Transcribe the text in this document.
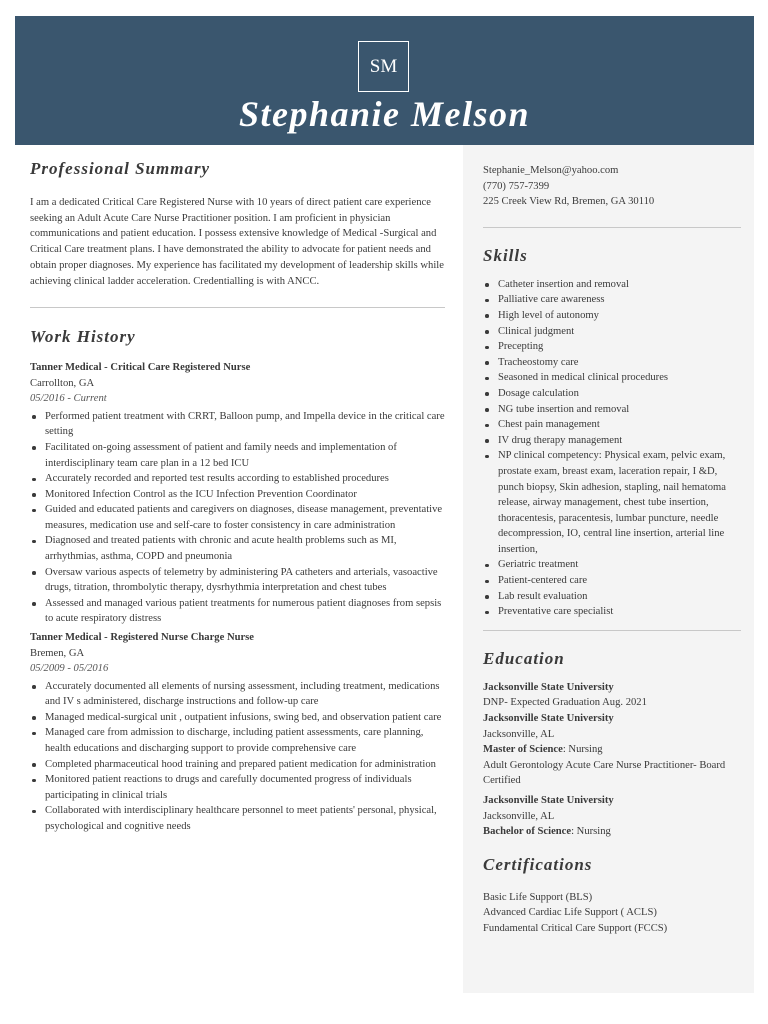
SM
Stephanie Melson
Professional Summary
I am a dedicated Critical Care Registered Nurse with 10 years of direct patient care experience seeking an Adult Acute Care Nurse Practitioner position. I am proficient in physician communications and patient education. I possess extensive knowledge of Medical -Surgical and Critical Care treatment plans. I have demonstrated the ability to advocate for patient needs and obtain proper diagnoses. My experience has facilitated my development of leadership skills while achieving clinical ladder acceleration. Credentialling is with ANCC.
Work History
Tanner Medical - Critical Care Registered Nurse
Carrollton, GA
05/2016 - Current
Performed patient treatment with CRRT, Balloon pump, and Impella device in the critical care setting
Facilitated on-going assessment of patient and family needs and implementation of interdisciplinary team care plan in a 12 bed ICU
Accurately recorded and reported test results according to established procedures
Monitored Infection Control as the ICU Infection Prevention Coordinator
Guided and educated patients and caregivers on diagnoses, disease management, preventative measures, medication use and self-care to foster consistency in care administration
Diagnosed and treated patients with chronic and acute health problems such as MI, arrhythmias, asthma, COPD and pneumonia
Oversaw various aspects of telemetry by administering PA catheters and arterials, vasoactive drugs, titration, thrombolytic therapy, dysrhythmia interpretation and chest tubes
Assessed and managed various patient treatments for numerous patient diagnoses from sepsis to acute respiratory distress
Tanner Medical - Registered Nurse Charge Nurse
Bremen, GA
05/2009 - 05/2016
Accurately documented all elements of nursing assessment, including treatment, medications and IV s administered, discharge instructions and follow-up care
Managed medical-surgical unit , outpatient infusions, swing bed, and observation patient care
Managed care from admission to discharge, including patient assessments, care planning, health educations and discharging support to provide comprehensive care
Completed pharmaceutical hood training and prepared patient medication for administration
Monitored patient reactions to drugs and carefully documented progress of individuals participating in clinical trials
Collaborated with interdisciplinary healthcare personnel to meet patients' personal, physical, psychological and cognitive needs
Stephanie_Melson@yahoo.com
(770) 757-7399
225 Creek View Rd, Bremen, GA 30110
Skills
Catheter insertion and removal
Palliative care awareness
High level of autonomy
Clinical judgment
Precepting
Tracheostomy care
Seasoned in medical clinical procedures
Dosage calculation
NG tube insertion and removal
Chest pain management
IV drug therapy management
NP clinical competency: Physical exam, pelvic exam, prostate exam, breast exam, laceration repair, I &D, punch biopsy, Skin adhesion, stapling, nail hematoma release, airway management, chest tube insertion, thoracentesis, paracentesis, lumbar puncture, needle decompression, IO, central line insertion, arterial line insertion,
Geriatric treatment
Patient-centered care
Lab result evaluation
Preventative care specialist
Education
Jacksonville State University
DNP- Expected Graduation Aug. 2021
Jacksonville State University
Jacksonville, AL
Master of Science: Nursing
Adult Gerontology Acute Care Nurse Practitioner- Board Certified
Jacksonville State University
Jacksonville, AL
Bachelor of Science: Nursing
Certifications
Basic Life Support (BLS)
Advanced Cardiac Life Support ( ACLS)
Fundamental Critical Care Support (FCCS)
